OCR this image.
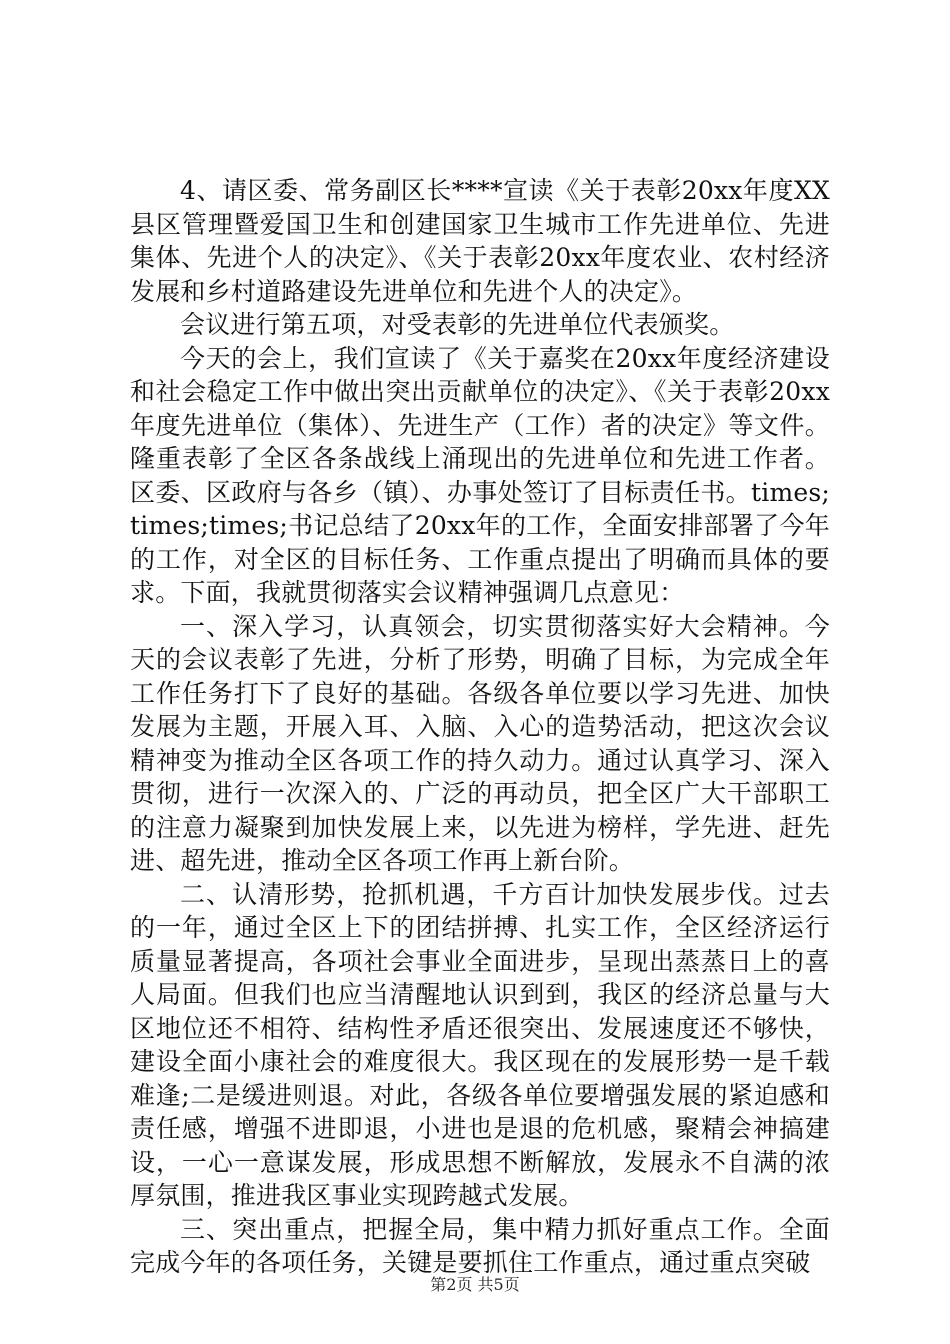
4、请区委、常务副区长****宣读《关于表彰20xx年度XX县区管理暨爱国卫生和创建国家卫生城市工作先进单位、先进集体、先进个人的决定》、《关于表彰20xx年度农业、农村经济发展和乡村道路建设先进单位和先进个人的决定》。

会议进行第五项，对受表彰的先进单位代表颁奖。

今天的会上，我们宣读了《关于嘉奖在20xx年度经济建设和社会稳定工作中做出突出贡献单位的决定》、《关于表彰20xx年度先进单位（集体）、先进生产（工作）者的决定》等文件。隆重表彰了全区各条战线上涌现出的先进单位和先进工作者。区委、区政府与各乡（镇）、办事处签订了目标责任书。times;times;times;书记总结了20xx年的工作，全面安排部署了今年的工作，对全区的目标任务、工作重点提出了明确而具体的要求。下面，我就贯彻落实会议精神强调几点意见：

一、深入学习，认真领会，切实贯彻落实好大会精神。今天的会议表彰了先进，分析了形势，明确了目标，为完成全年工作任务打下了良好的基础。各级各单位要以学习先进、加快发展为主题，开展入耳、入脑、入心的造势活动，把这次会议精神变为推动全区各项工作的持久动力。通过认真学习、深入贯彻，进行一次深入的、广泛的再动员，把全区广大干部职工的注意力凝聚到加快发展上来，以先进为榜样，学先进、赶先进、超先进，推动全区各项工作再上新台阶。

二、认清形势，抢抓机遇，千方百计加快发展步伐。过去的一年，通过全区上下的团结拼搏、扎实工作，全区经济运行质量显著提高，各项社会事业全面进步，呈现出蒸蒸日上的喜人局面。但我们也应当清醒地认识到到，我区的经济总量与大区地位还不相符、结构性矛盾还很突出、发展速度还不够快，建设全面小康社会的难度很大。我区现在的发展形势一是千载难逢;二是缓进则退。对此，各级各单位要增强发展的紧迫感和责任感，增强不进即退，小进也是退的危机感，聚精会神搞建设，一心一意谋发展，形成思想不断解放，发展永不自满的浓厚氛围，推进我区事业实现跨越式发展。

三、突出重点，把握全局，集中精力抓好重点工作。全面完成今年的各项任务，关键是要抓住工作重点，通过重点突破

第2页 共5页
